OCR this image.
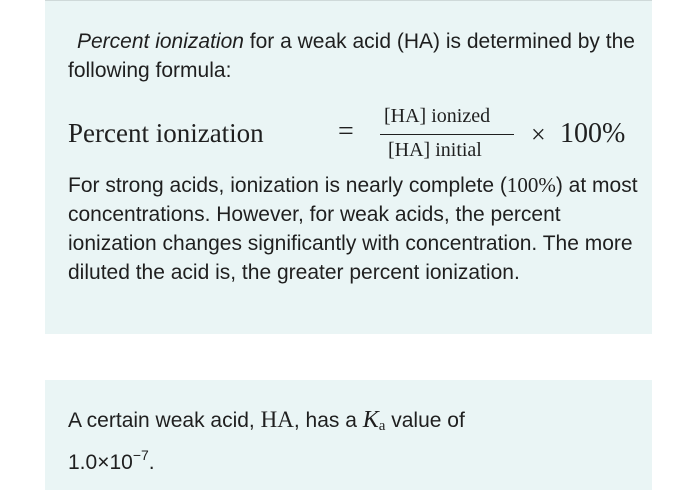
Percent ionization for a weak acid (HA) is determined by the following formula:

Percent ionization	= [HA] ionized
[HA] initial
× 100%

For strong acids, ionization is nearly complete (100%) at most concentrations. However, for weak acids, the percent ionization changes significantly with concentration. The more diluted the acid is, the greater percent ionization.

A certain weak acid, HA, has a $K_a$ value of
$1.0\times 10^{-7}$.
